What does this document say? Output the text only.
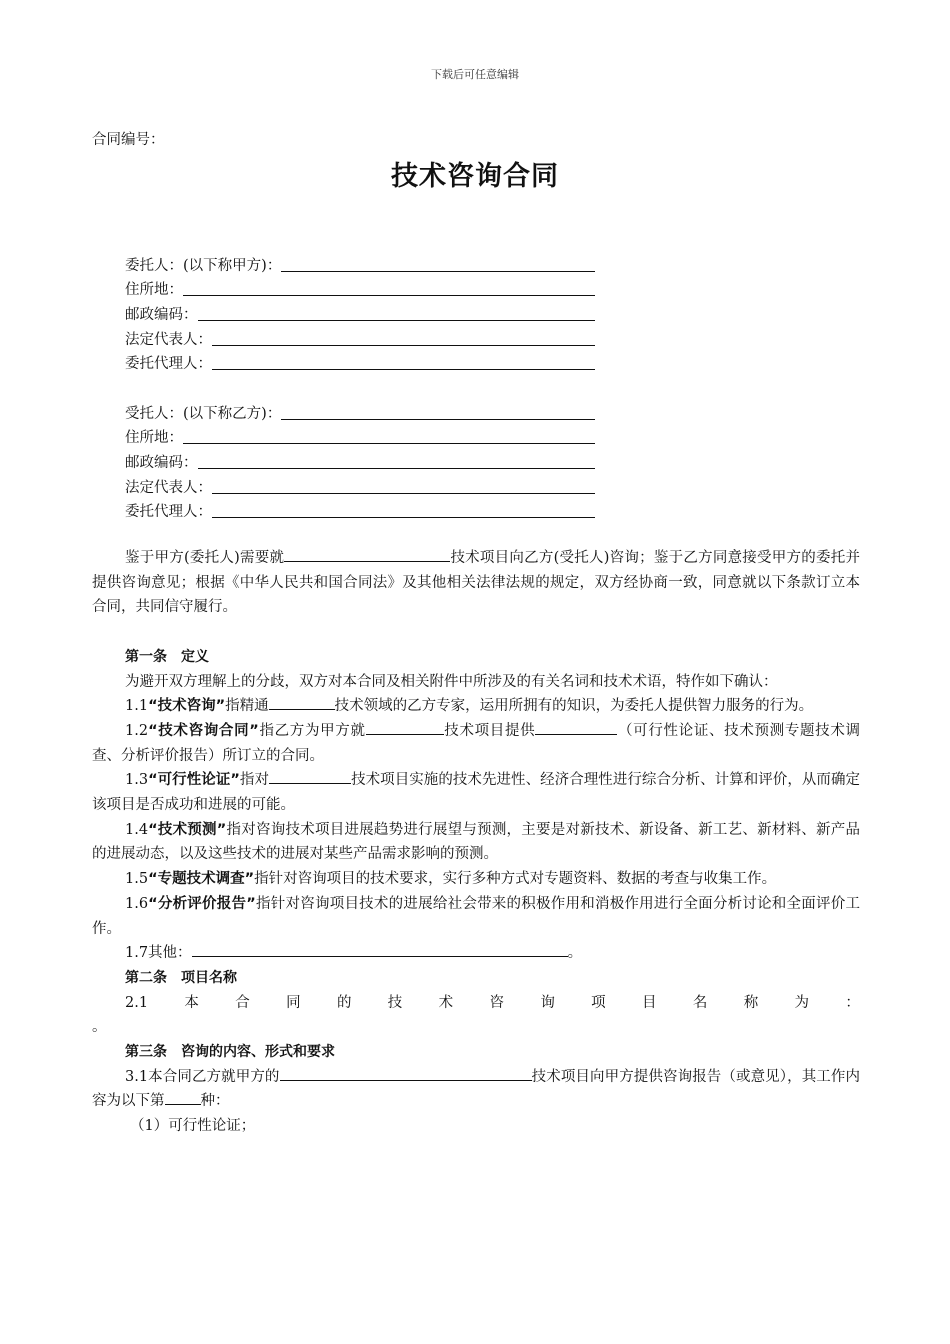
下载后可任意编辑
合同编号：
技术咨询合同
委托人：(以下称甲方)：
住所地：
邮政编码：
法定代表人：
委托代理人：
受托人：(以下称乙方)：
住所地：
邮政编码：
法定代表人：
委托代理人：

鉴于甲方(委托人)需要就	技术项目向乙方(受托人)咨询；鉴于乙方同意接受甲方的委托并提供咨询意见；根据《中华人民共和国合同法》及其他相关法律法规的规定，双方经协商一致，同意就以下条款订立本合同，共同信守履行。

第一条　定义

为避开双方理解上的分歧，双方对本合同及相关附件中所涉及的有关名词和技术术语，特作如下确认：

1.1“技术咨询”指精通	技术领域的乙方专家，运用所拥有的知识，为委托人提供智力服务的行为。

1.2“技术咨询合同”指乙方为甲方就	技术项目提供	（可行性论证、技术预测专题技术调查、分析评价报告）所订立的合同。

1.3“可行性论证”指对	技术项目实施的技术先进性、经济合理性进行综合分析、计算和评价，从而确定该项目是否成功和进展的可能。

1.4“技术预测”指对咨询技术项目进展趋势进行展望与预测，主要是对新技术、新设备、新工艺、新材料、新产品的进展动态，以及这些技术的进展对某些产品需求影响的预测。

1.5“专题技术调查”指针对咨询项目的技术要求，实行多种方式对专题资料、数据的考查与收集工作。

1.6“分析评价报告”指针对咨询项目技术的进展给社会带来的积极作用和消极作用进行全面分析讨论和全面评价工作。

1.7其他：	。

第二条　项目名称

2.1	本	合	同	的	技	术	咨	询	项	目	名	称	为	：

。

第三条　咨询的内容、形式和要求

3.1本合同乙方就甲方的	技术项目向甲方提供咨询报告（或意见），其工作内容为以下第 种：

（1）可行性论证；
